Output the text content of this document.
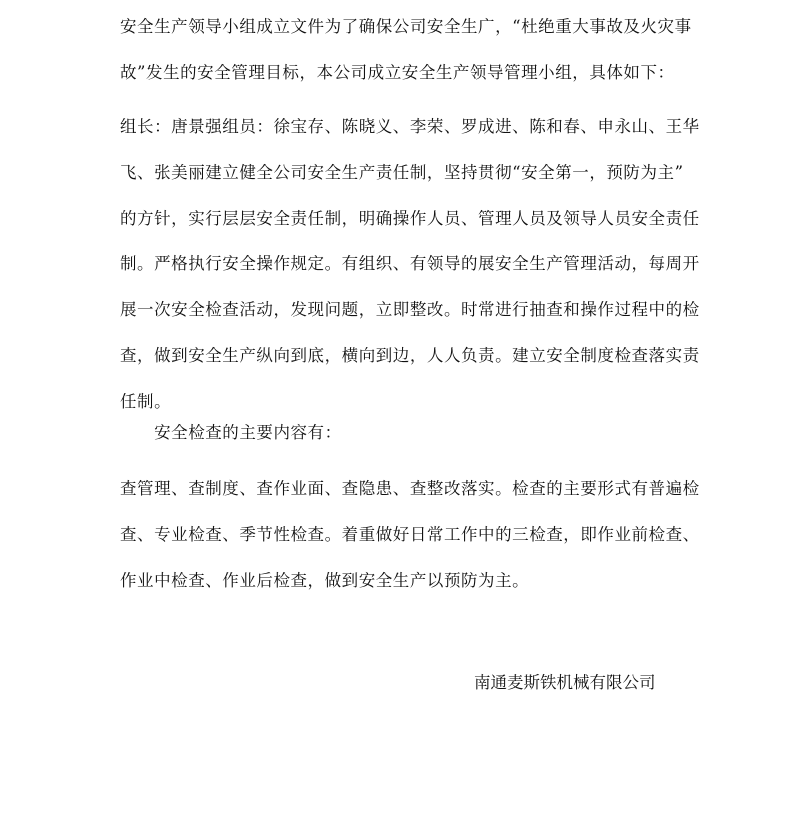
安全生产领导小组成立文件为了确保公司安全生广，“杜绝重大事故及火灾事
故”发生的安全管理目标，本公司成立安全生产领导管理小组，具体如下：

组长：唐景强组员：徐宝存、陈晓义、李荣、罗成进、陈和春、申永山、王华
飞、张美丽建立健全公司安全生产责任制，坚持贯彻“安全第一，预防为主”
的方针，实行层层安全责任制，明确操作人员、管理人员及领导人员安全责任
制。严格执行安全操作规定。有组织、有领导的展安全生产管理活动，每周开
展一次安全检查活动，发现问题，立即整改。时常进行抽查和操作过程中的检
查，做到安全生产纵向到底，横向到边，人人负责。建立安全制度检查落实责
任制。

　　安全检查的主要内容有：

查管理、查制度、查作业面、查隐患、查整改落实。检查的主要形式有普遍检
查、专业检查、季节性检查。着重做好日常工作中的三检查，即作业前检查、
作业中检查、作业后检查，做到安全生产以预防为主。

南通麦斯铁机械有限公司
